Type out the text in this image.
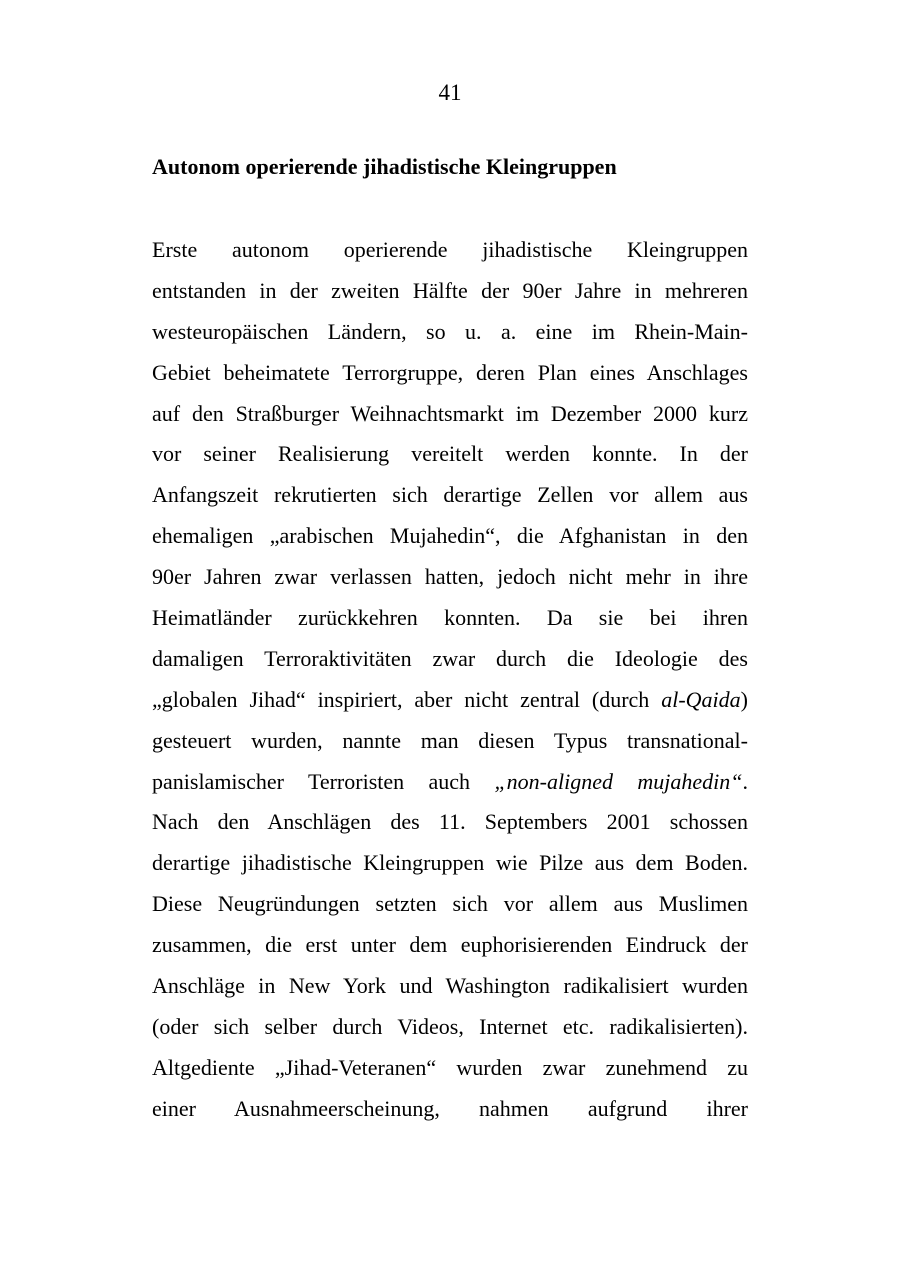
41
Autonom operierende jihadistische Kleingruppen
Erste autonom operierende jihadistische Kleingruppen
entstanden in der zweiten Hälfte der 90er Jahre in mehreren
westeuropäischen Ländern, so u. a. eine im Rhein-Main-
Gebiet beheimatete Terrorgruppe, deren Plan eines Anschlages
auf den Straßburger Weihnachtsmarkt im Dezember 2000 kurz
vor seiner Realisierung vereitelt werden konnte. In der
Anfangszeit rekrutierten sich derartige Zellen vor allem aus
ehemaligen „arabischen Mujahedin“, die Afghanistan in den
90er Jahren zwar verlassen hatten, jedoch nicht mehr in ihre
Heimatländer zurückkehren konnten. Da sie bei ihren
damaligen Terroraktivitäten zwar durch die Ideologie des
„globalen Jihad“ inspiriert, aber nicht zentral (durch al-Qaida)
gesteuert wurden, nannte man diesen Typus transnational-
panislamischer Terroristen auch „non-aligned mujahedin“.
Nach den Anschlägen des 11. Septembers 2001 schossen
derartige jihadistische Kleingruppen wie Pilze aus dem Boden.
Diese Neugründungen setzten sich vor allem aus Muslimen
zusammen, die erst unter dem euphorisierenden Eindruck der
Anschläge in New York und Washington radikalisiert wurden
(oder sich selber durch Videos, Internet etc. radikalisierten).
Altgediente „Jihad-Veteranen“ wurden zwar zunehmend zu
einer Ausnahmeerscheinung, nahmen aufgrund ihrer
